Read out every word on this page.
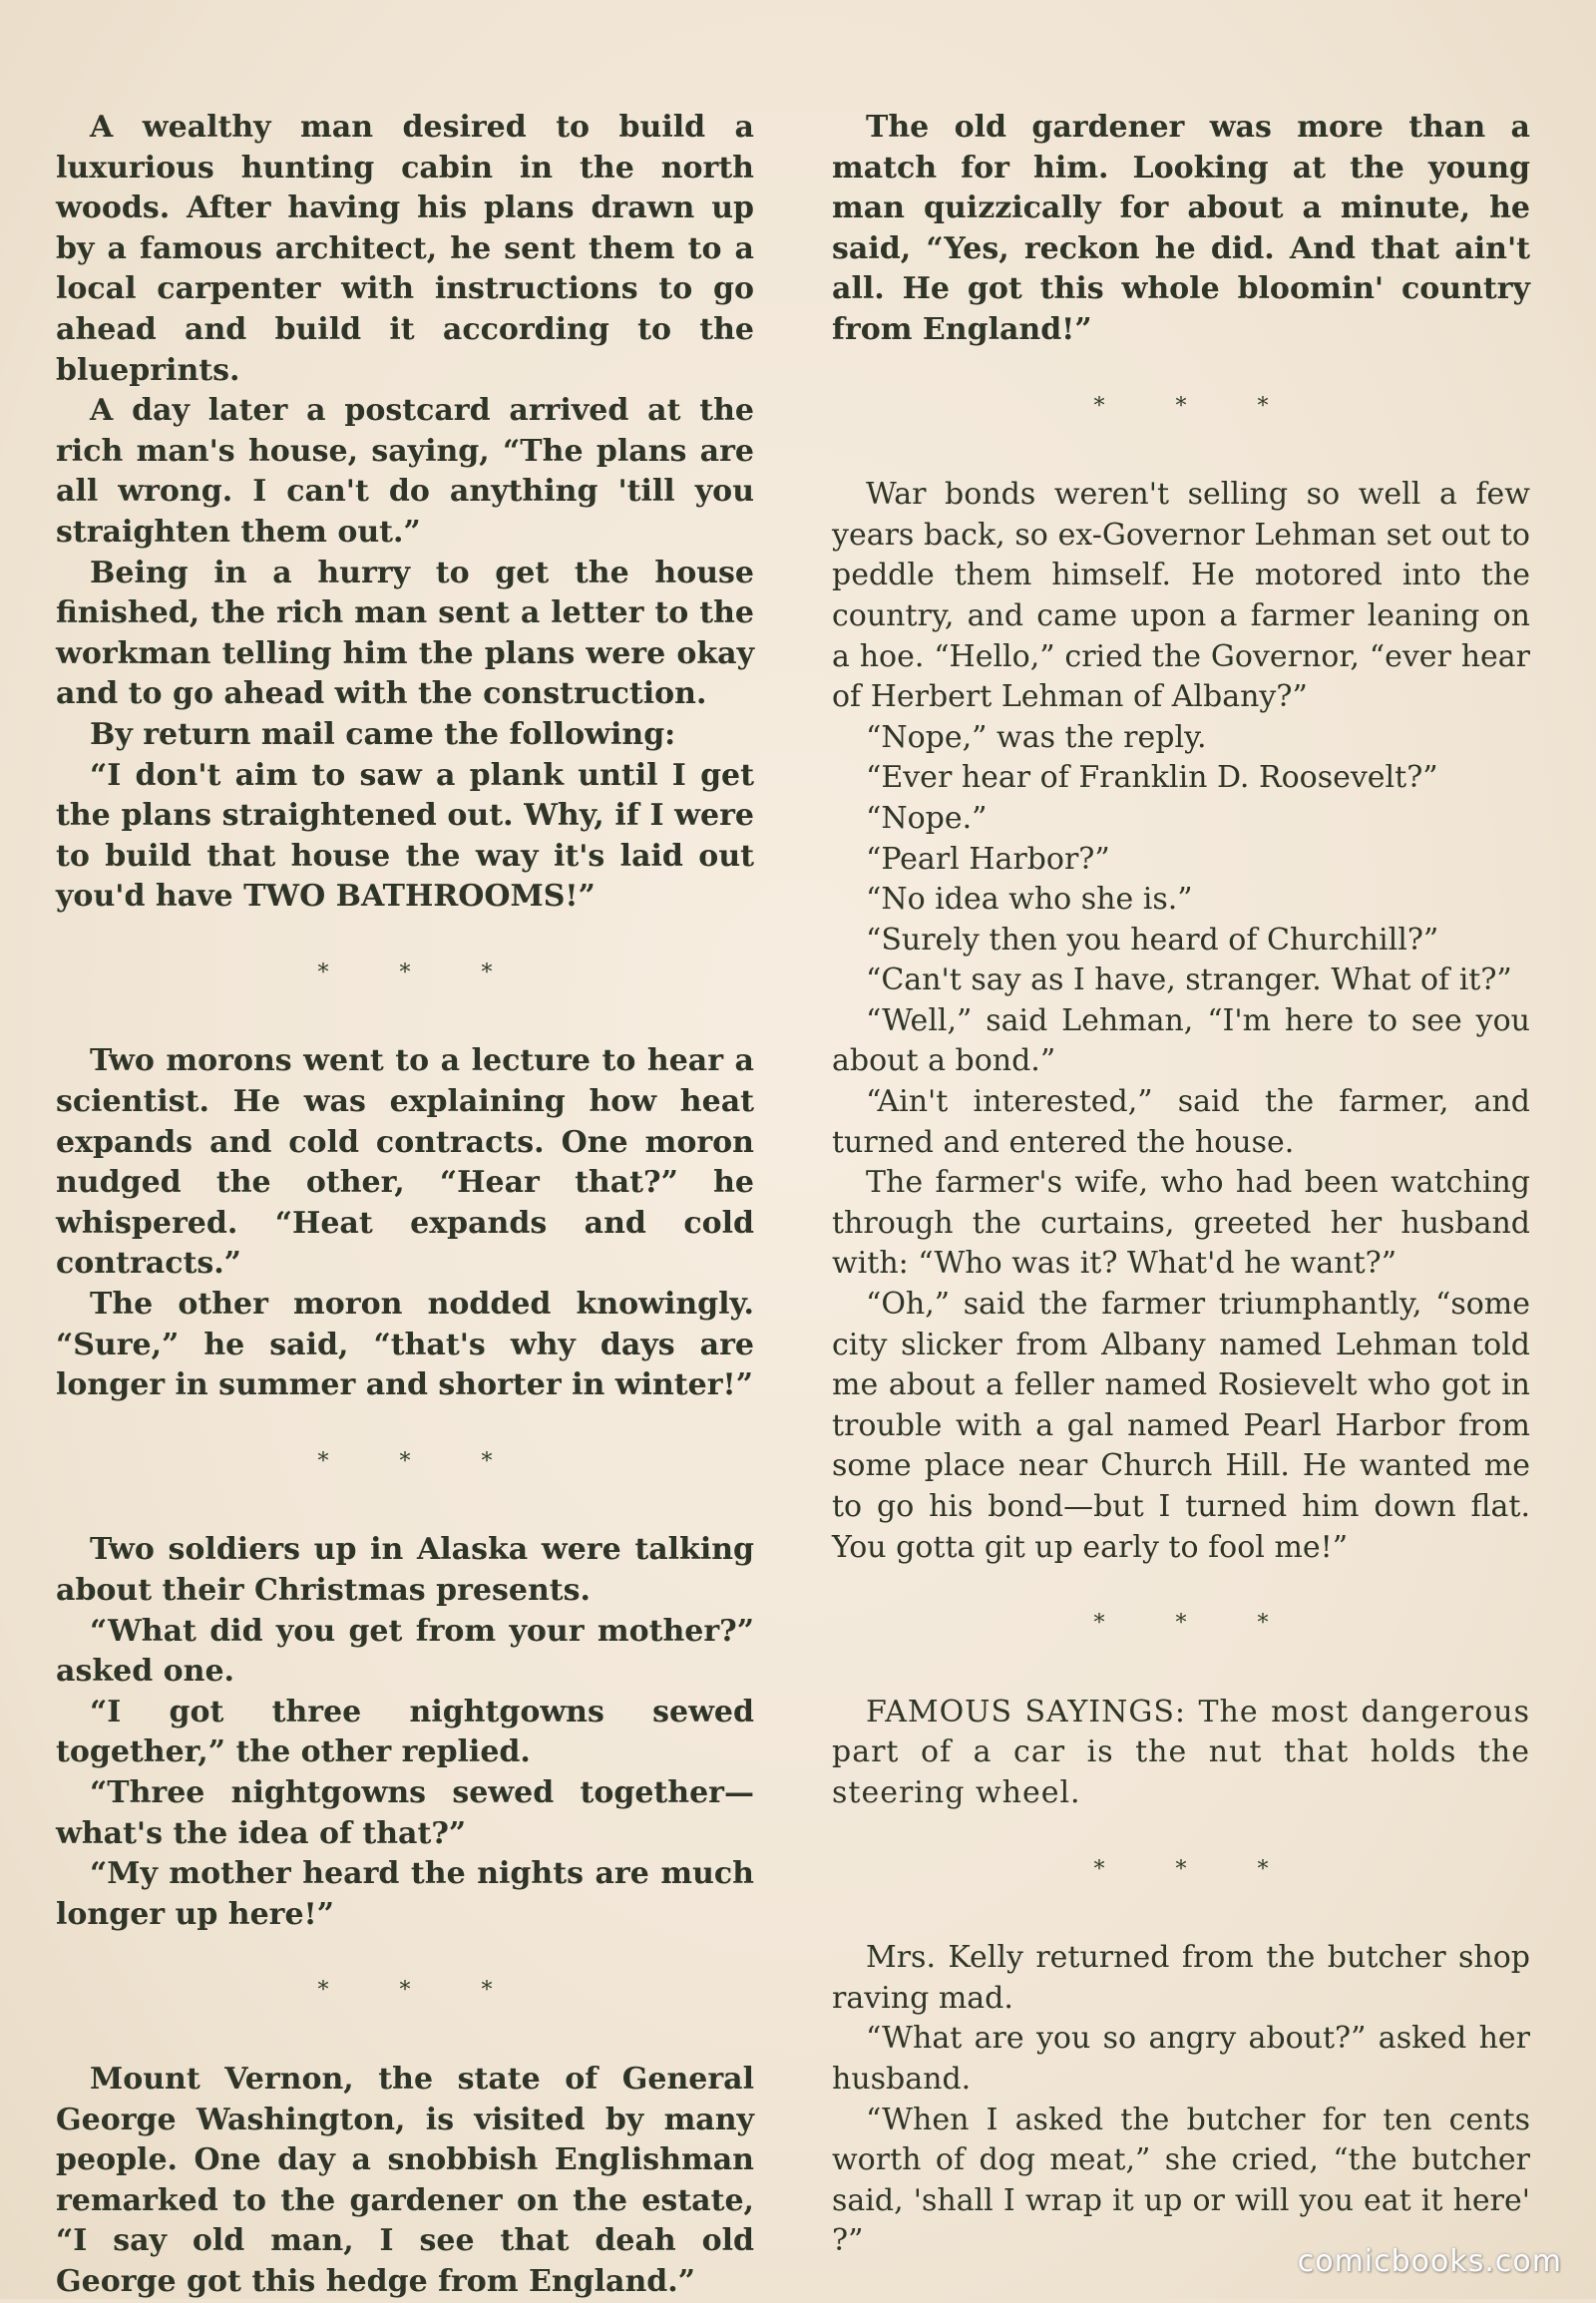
A wealthy man desired to build a luxurious hunting cabin in the north woods. After having his plans drawn up by a famous architect, he sent them to a local carpenter with instructions to go ahead and build it according to the blueprints.

A day later a postcard arrived at the rich man's house, saying, “The plans are all wrong. I can't do anything 'till you straighten them out.”

Being in a hurry to get the house finished, the rich man sent a letter to the workman telling him the plans were okay and to go ahead with the construction.

By return mail came the following:

“I don't aim to saw a plank until I get the plans straightened out. Why, if I were to build that house the way it's laid out you'd have TWO BATHROOMS!”

* * *

Two morons went to a lecture to hear a scientist. He was explaining how heat expands and cold contracts. One moron nudged the other, “Hear that?” he whispered. “Heat expands and cold contracts.”

The other moron nodded knowingly. “Sure,” he said, “that's why days are longer in summer and shorter in winter!”

* * *

Two soldiers up in Alaska were talking about their Christmas presents.

“What did you get from your mother?” asked one.

“I got three nightgowns sewed together,” the other replied.

“Three nightgowns sewed together—what's the idea of that?”

“My mother heard the nights are much longer up here!”

* * *

Mount Vernon, the state of General George Washington, is visited by many people. One day a snobbish Englishman remarked to the gardener on the estate, “I say old man, I see that deah old George got this hedge from England.”

The old gardener was more than a match for him. Looking at the young man quizzically for about a minute, he said, “Yes, reckon he did. And that ain't all. He got this whole bloomin' country from England!”

* * *

War bonds weren't selling so well a few years back, so ex-Governor Lehman set out to peddle them himself. He motored into the country, and came upon a farmer leaning on a hoe. “Hello,” cried the Governor, “ever hear of Herbert Lehman of Albany?”

“Nope,” was the reply.

“Ever hear of Franklin D. Roosevelt?”

“Nope.”

“Pearl Harbor?”

“No idea who she is.”

“Surely then you heard of Churchill?”

“Can't say as I have, stranger. What of it?”

“Well,” said Lehman, “I'm here to see you about a bond.”

“Ain't interested,” said the farmer, and turned and entered the house.

The farmer's wife, who had been watching through the curtains, greeted her husband with: “Who was it? What'd he want?”

“Oh,” said the farmer triumphantly, “some city slicker from Albany named Lehman told me about a feller named Rosievelt who got in trouble with a gal named Pearl Harbor from some place near Church Hill. He wanted me to go his bond—but I turned him down flat. You gotta git up early to fool me!”

* * *

FAMOUS SAYINGS: The most dangerous part of a car is the nut that holds the steering wheel.

* * *

Mrs. Kelly returned from the butcher shop raving mad.

“What are you so angry about?” asked her husband.

“When I asked the butcher for ten cents worth of dog meat,” she cried, “the butcher said, 'shall I wrap it up or will you eat it here' ?”

comicbooks.com
